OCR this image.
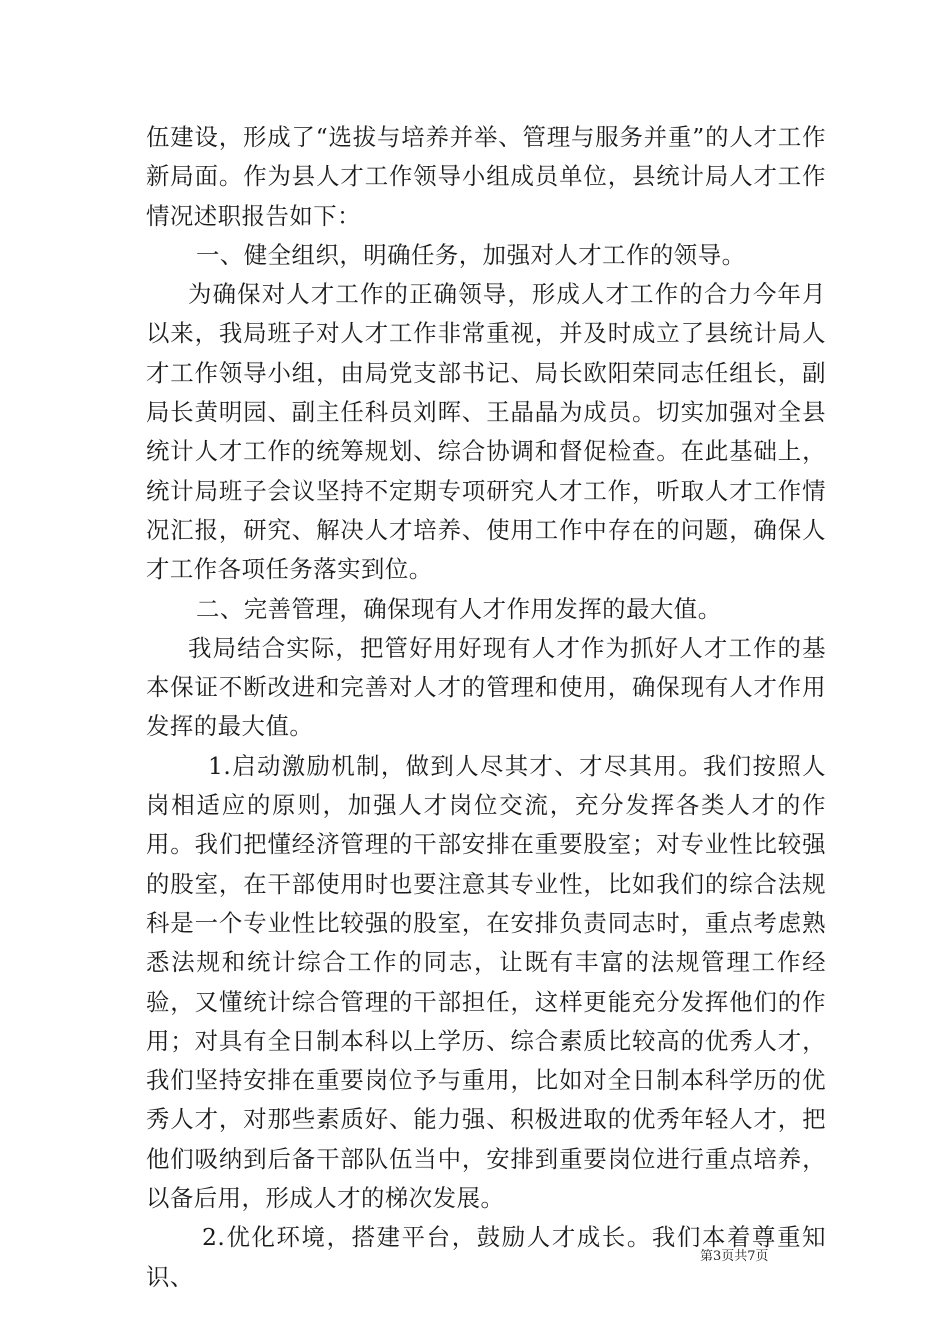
伍建设，形成了“选拔与培养并举、管理与服务并重”的人才工作新局面。作为县人才工作领导小组成员单位，县统计局人才工作情况述职报告如下：

一、健全组织，明确任务，加强对人才工作的领导。

为确保对人才工作的正确领导，形成人才工作的合力今年月以来，我局班子对人才工作非常重视，并及时成立了县统计局人才工作领导小组，由局党支部书记、局长欧阳荣同志任组长，副局长黄明园、副主任科员刘晖、王晶晶为成员。切实加强对全县统计人才工作的统筹规划、综合协调和督促检查。在此基础上，统计局班子会议坚持不定期专项研究人才工作，听取人才工作情况汇报，研究、解决人才培养、使用工作中存在的问题，确保人才工作各项任务落实到位。

二、完善管理，确保现有人才作用发挥的最大值。

我局结合实际，把管好用好现有人才作为抓好人才工作的基本保证不断改进和完善对人才的管理和使用，确保现有人才作用发挥的最大值。

1.启动激励机制，做到人尽其才、才尽其用。我们按照人岗相适应的原则，加强人才岗位交流，充分发挥各类人才的作用。我们把懂经济管理的干部安排在重要股室；对专业性比较强的股室，在干部使用时也要注意其专业性，比如我们的综合法规科是一个专业性比较强的股室，在安排负责同志时，重点考虑熟悉法规和统计综合工作的同志，让既有丰富的法规管理工作经验，又懂统计综合管理的干部担任，这样更能充分发挥他们的作用；对具有全日制本科以上学历、综合素质比较高的优秀人才，我们坚持安排在重要岗位予与重用，比如对全日制本科学历的优秀人才，对那些素质好、能力强、积极进取的优秀年轻人才，把他们吸纳到后备干部队伍当中，安排到重要岗位进行重点培养，以备后用，形成人才的梯次发展。

2.优化环境，搭建平台，鼓励人才成长。我们本着尊重知识、

第3页共7页
